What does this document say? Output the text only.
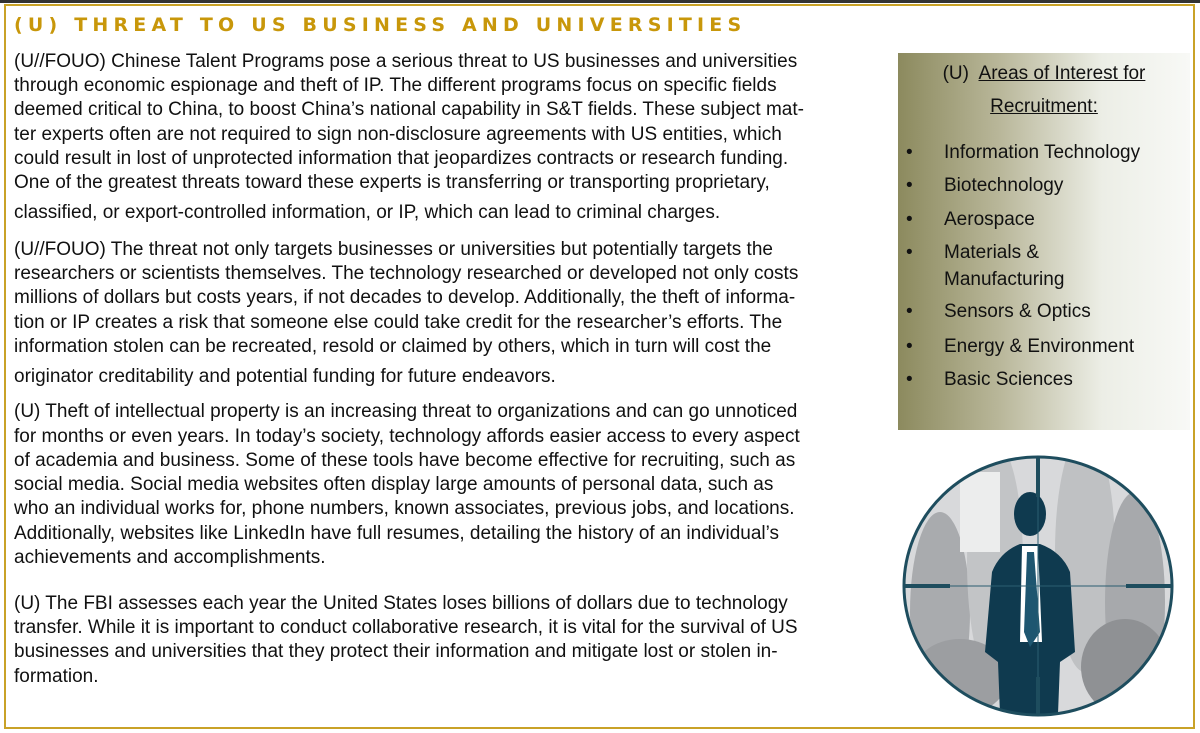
(U) THREAT TO US BUSINESS AND UNIVERSITIES
(U//FOUO) Chinese Talent Programs pose a serious threat to US businesses and universities
through economic espionage and theft of IP. The different programs focus on specific fields
deemed critical to China, to boost China’s national capability in S&T fields. These subject mat-
ter experts often are not required to sign non-disclosure agreements with US entities, which
could result in lost of unprotected information that jeopardizes contracts or research funding.
One of the greatest threats toward these experts is transferring or transporting proprietary,
classified, or export-controlled information, or IP, which can lead to criminal charges.
(U//FOUO) The threat not only targets businesses or universities but potentially targets the
researchers or scientists themselves. The technology researched or developed not only costs
millions of dollars but costs years, if not decades to develop. Additionally, the theft of informa-
tion or IP creates a risk that someone else could take credit for the researcher’s efforts. The
information stolen can be recreated, resold or claimed by others, which in turn will cost the
originator creditability and potential funding for future endeavors.
(U) Theft of intellectual property is an increasing threat to organizations and can go unnoticed
for months or even years. In today’s society, technology affords easier access to every aspect
of academia and business. Some of these tools have become effective for recruiting, such as
social media. Social media websites often display large amounts of personal data, such as
who an individual works for, phone numbers, known associates, previous jobs, and locations.
Additionally, websites like LinkedIn have full resumes, detailing the history of an individual’s
achievements and accomplishments.
(U) The FBI assesses each year the United States loses billions of dollars due to technology
transfer. While it is important to conduct collaborative research, it is vital for the survival of US
businesses and universities that they protect their information and mitigate lost or stolen in-
formation.
(U) Areas of Interest for
Recruitment:
• Information Technology
• Biotechnology
• Aerospace
• Materials &
Manufacturing
• Sensors & Optics
• Energy & Environment
• Basic Sciences
